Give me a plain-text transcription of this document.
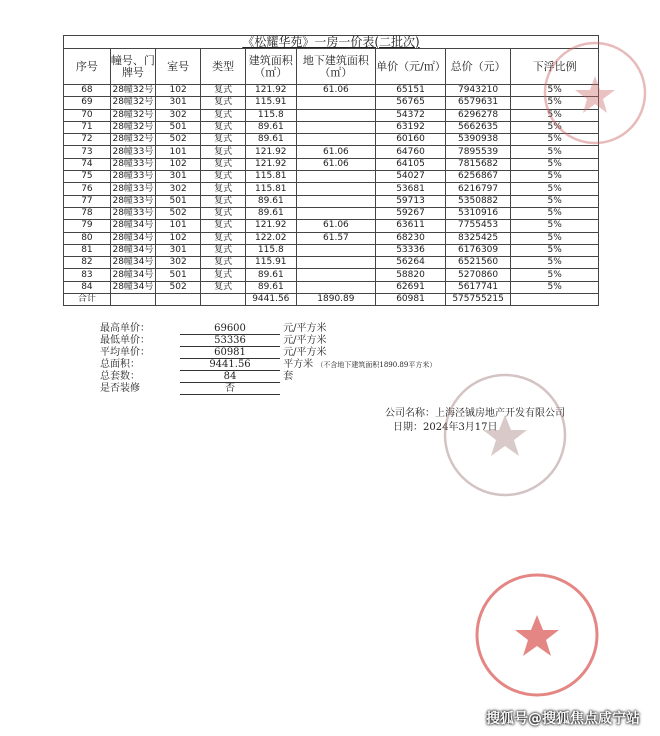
《松耀华苑》一房一价表(二批次)								
序号	幢号、门牌号	室号	类型	建筑面积（㎡）	地下建筑面积（㎡）	单价（元/㎡）	总价（元）	下浮比例
68	28幢32号	102	复式	121.92	61.06	65151	7943210	5%
69	28幢32号	301	复式	115.91		56765	6579631	5%
70	28幢32号	302	复式	115.8		54372	6296278	5%
71	28幢32号	501	复式	89.61		63192	5662635	5%
72	28幢32号	502	复式	89.61		60160	5390938	5%
73	28幢33号	101	复式	121.92	61.06	64760	7895539	5%
74	28幢33号	102	复式	121.92	61.06	64105	7815682	5%
75	28幢33号	301	复式	115.81		54027	6256867	5%
76	28幢33号	302	复式	115.81		53681	6216797	5%
77	28幢33号	501	复式	89.61		59713	5350882	5%
78	28幢33号	502	复式	89.61		59267	5310916	5%
79	28幢34号	101	复式	121.92	61.06	63611	7755453	5%
80	28幢34号	102	复式	122.02	61.57	68230	8325425	5%
81	28幢34号	301	复式	115.8		53336	6176309	5%
82	28幢34号	302	复式	115.91		56264	6521560	5%
83	28幢34号	501	复式	89.61		58820	5270860	5%
84	28幢34号	502	复式	89.61		62691	5617741	5%
合计				9441.56	1890.89	60981	575755215	
最高单价：	69600	元/平方米
最低单价：	53336	元/平方米
平均单价：	60981	元/平方米
总面积：	9441.56	平方米 （不含地下建筑面积1890.89平方米）
总套数：	84	套
是否装修	否
公司名称：上海泾铖房地产开发有限公司
日期：2024年3月17日
搜狐号@搜狐焦点咸宁站
